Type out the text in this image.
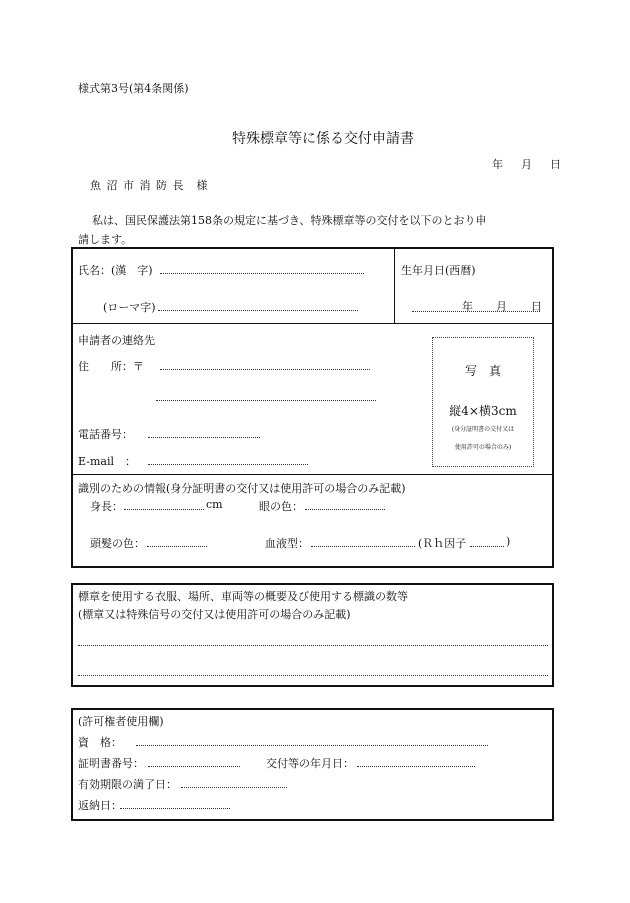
様式第3号(第4条関係)
特殊標章等に係る交付申請書
年 月 日
魚 沼 市 消 防 長　様
私は、国民保護法第158条の規定に基づき、特殊標章等の交付を以下のとおり申
請します。
氏名：(漢　字)
(ローマ字)
生年月日(西暦)
年 月 日
申請者の連絡先
住　　所：〒
電話番号：
E-mail　：
写　真
縦4×横3cm
(身分証明書の交付又は
使用許可の場合のみ)
識別のための情報(身分証明書の交付又は使用許可の場合のみ記載)
身長：	cm	眼の色：
頭髪の色：	血液型：	(Ｒｈ因子	)
標章を使用する衣服、場所、車両等の概要及び使用する標識の数等
(標章又は特殊信号の交付又は使用許可の場合のみ記載)
(許可権者使用欄)
資　格：
証明書番号：	交付等の年月日：
有効期限の満了日：
返納日：
